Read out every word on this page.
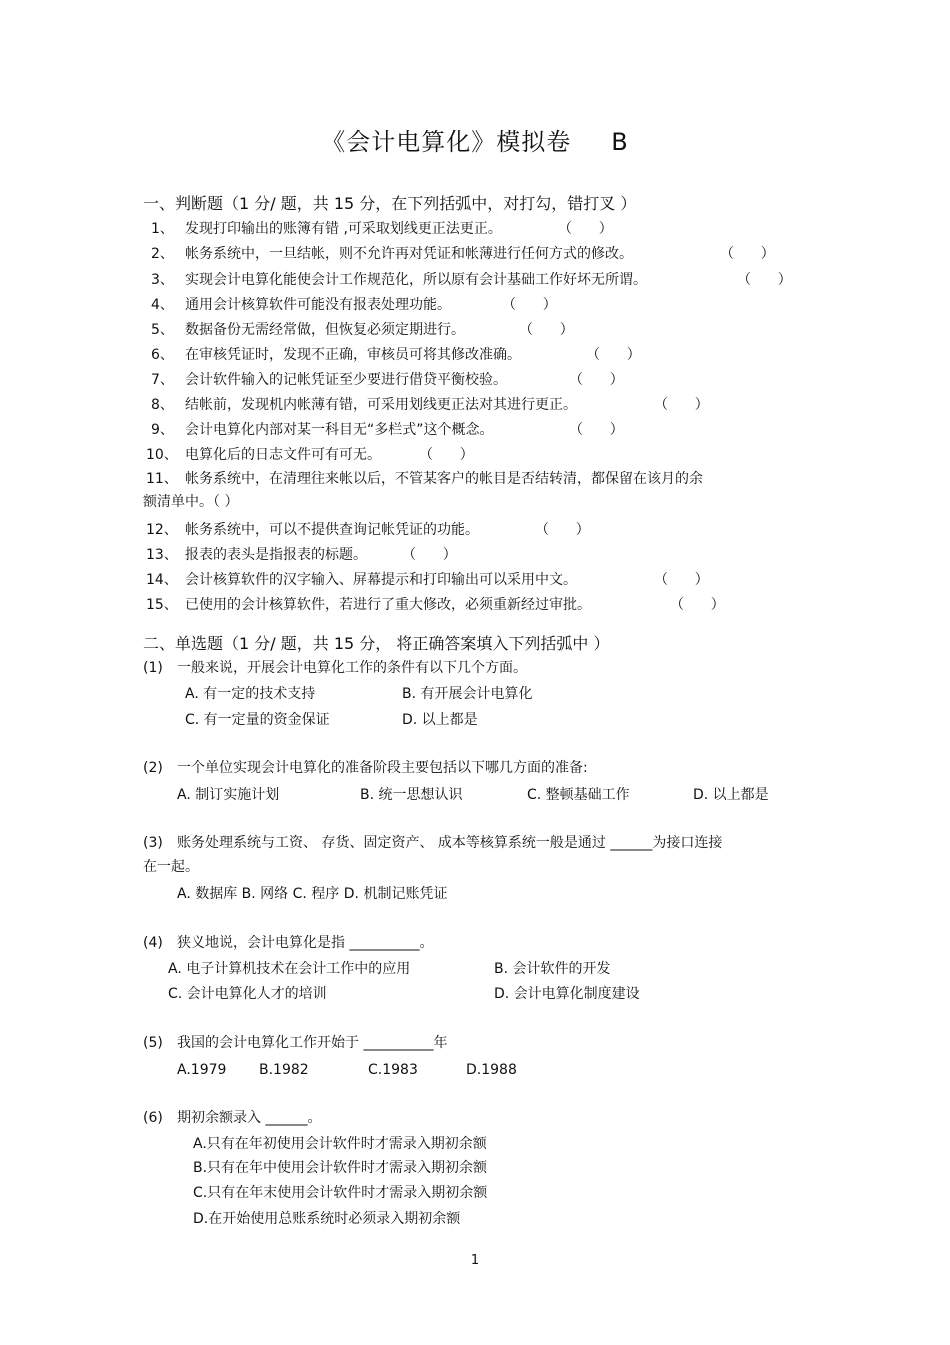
《会计电算化》模拟卷 B
一、判断题（1 分/ 题，共 15 分，在下列括弧中，对打勾，错打叉 ）
1、 发现打印输出的账簿有错 ,可采取划线更正法更正。	（      ）
2、 帐务系统中，一旦结帐，则不允许再对凭证和帐薄进行任何方式的修改。	（      ）
3、 实现会计电算化能使会计工作规范化，所以原有会计基础工作好坏无所谓。	（      ）
4、 通用会计核算软件可能没有报表处理功能。	（      ）
5、 数据备份无需经常做，但恢复必须定期进行。	（      ）
6、 在审核凭证时，发现不正确，审核员可将其修改准确。	（      ）
7、 会计软件输入的记帐凭证至少要进行借贷平衡校验。	（      ）
8、 结帐前，发现机内帐薄有错，可采用划线更正法对其进行更正。	（      ）
9、 会计电算化内部对某一科目无“多栏式”这个概念。	（      ）
10、 电算化后的日志文件可有可无。	（      ）
11、 帐务系统中，在清理往来帐以后，不管某客户的帐目是否结转清，都保留在该月的余
额清单中。（ ）
12、 帐务系统中，可以不提供查询记帐凭证的功能。	（      ）
13、 报表的表头是指报表的标题。	（      ）
14、 会计核算软件的汉字输入、屏幕提示和打印输出可以采用中文。	（      ）
15、 已使用的会计核算软件，若进行了重大修改，必须重新经过审批。	（      ）
二、单选题（1 分/ 题，共 15 分， 将正确答案填入下列括弧中 ）
(1) 一般来说，开展会计电算化工作的条件有以下几个方面。
A. 有一定的技术支持	B. 有开展会计电算化
C. 有一定量的资金保证	D. 以上都是
(2) 一个单位实现会计电算化的准备阶段主要包括以下哪几方面的准备:
A. 制订实施计划	B. 统一思想认识	C. 整顿基础工作	D. 以上都是
(3) 账务处理系统与工资、 存货、固定资产、 成本等核算系统一般是通过 ______为接口连接
在一起。
A. 数据库 B. 网络 C. 程序 D. 机制记账凭证
(4) 狭义地说，会计电算化是指 __________。
A. 电子计算机技术在会计工作中的应用	B. 会计软件的开发
C. 会计电算化人才的培训	D. 会计电算化制度建设
(5) 我国的会计电算化工作开始于 __________年
A.1979 B.1982	C.1983	D.1988
(6) 期初余额录入 ______。
A.只有在年初使用会计软件时才需录入期初余额
B.只有在年中使用会计软件时才需录入期初余额
C.只有在年末使用会计软件时才需录入期初余额
D.在开始使用总账系统时必须录入期初余额
1
